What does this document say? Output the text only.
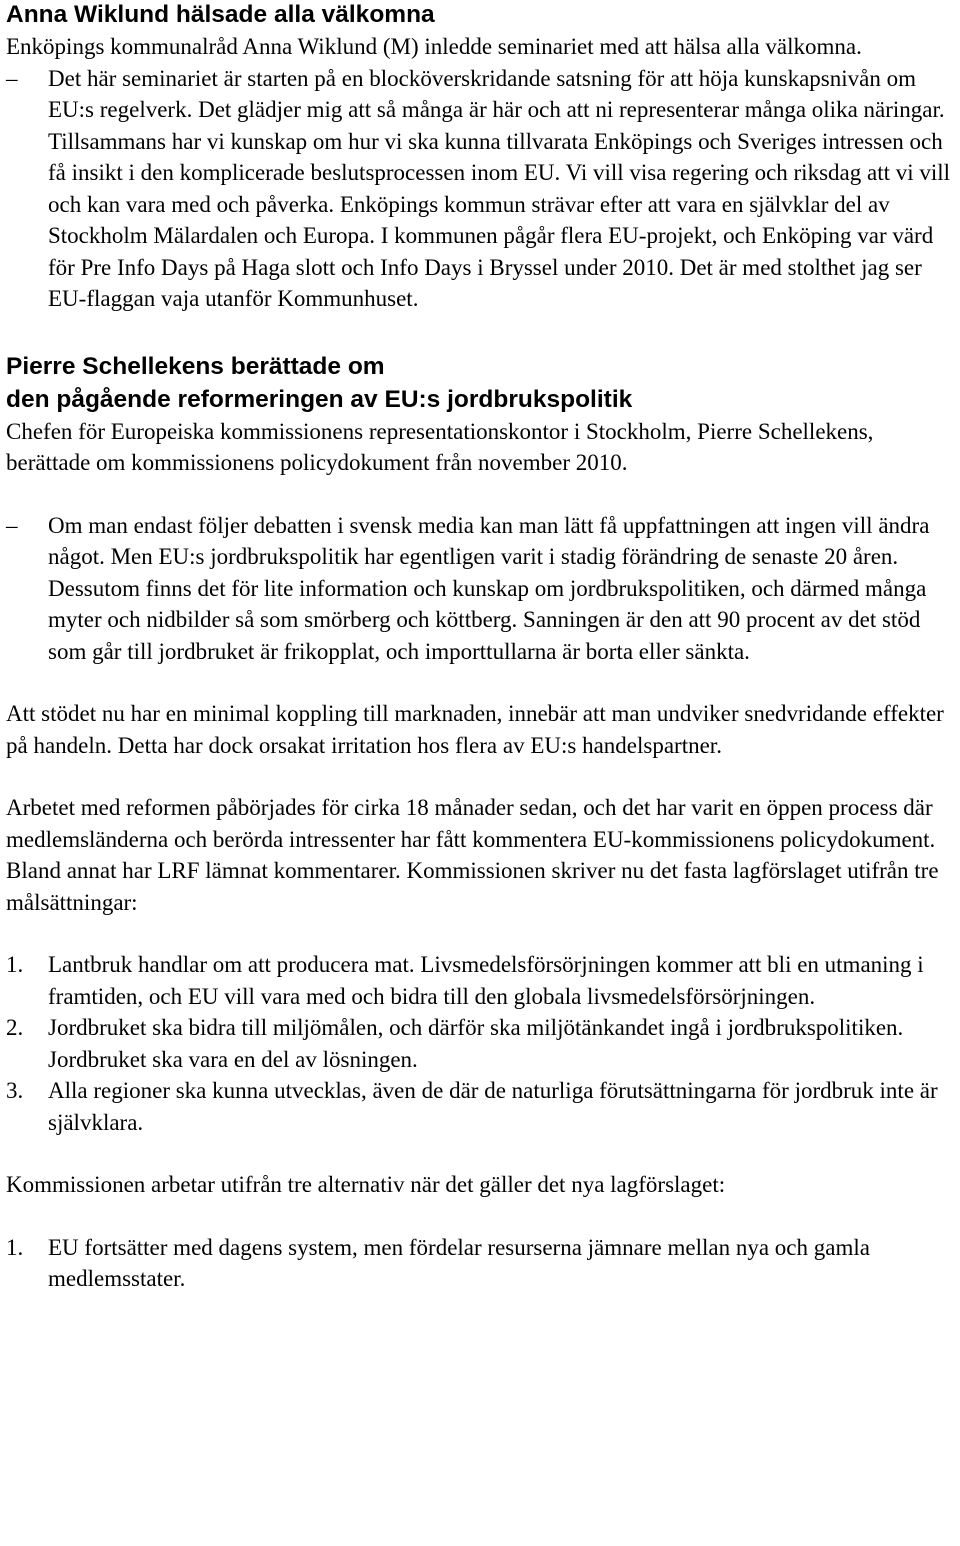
Anna Wiklund hälsade alla välkomna

Enköpings kommunalråd Anna Wiklund (M) inledde seminariet med att hälsa alla välkomna.

– Det här seminariet är starten på en blocköverskridande satsning för att höja kunskapsnivån om EU:s regelverk. Det glädjer mig att så många är här och att ni representerar många olika näringar. Tillsammans har vi kunskap om hur vi ska kunna tillvarata Enköpings och Sveriges intressen och få insikt i den komplicerade beslutsprocessen inom EU. Vi vill visa regering och riksdag att vi vill och kan vara med och påverka. Enköpings kommun strävar efter att vara en självklar del av Stockholm Mälardalen och Europa. I kommunen pågår flera EU-projekt, och Enköping var värd för Pre Info Days på Haga slott och Info Days i Bryssel under 2010. Det är med stolthet jag ser EU-flaggan vaja utanför Kommunhuset.
Pierre Schellekens berättade om
den pågående reformeringen av EU:s jordbrukspolitik

Chefen för Europeiska kommissionens representationskontor i Stockholm, Pierre Schellekens, berättade om kommissionens policydokument från november 2010.

– Om man endast följer debatten i svensk media kan man lätt få uppfattningen att ingen vill ändra något. Men EU:s jordbrukspolitik har egentligen varit i stadig förändring de senaste 20 åren. Dessutom finns det för lite information och kunskap om jordbrukspolitiken, och därmed många myter och nidbilder så som smörberg och köttberg. Sanningen är den att 90 procent av det stöd som går till jordbruket är frikopplat, och importtullarna är borta eller sänkta.

Att stödet nu har en minimal koppling till marknaden, innebär att man undviker snedvridande effekter på handeln. Detta har dock orsakat irritation hos flera av EU:s handelspartner.

Arbetet med reformen påbörjades för cirka 18 månader sedan, och det har varit en öppen process där medlemsländerna och berörda intressenter har fått kommentera EU-kommissionens policydokument. Bland annat har LRF lämnat kommentarer. Kommissionen skriver nu det fasta lagförslaget utifrån tre målsättningar:

1. Lantbruk handlar om att producera mat. Livsmedelsförsörjningen kommer att bli en utmaning i framtiden, och EU vill vara med och bidra till den globala livsmedelsförsörjningen.
2. Jordbruket ska bidra till miljömålen, och därför ska miljötänkandet ingå i jordbrukspolitiken. Jordbruket ska vara en del av lösningen.
3. Alla regioner ska kunna utvecklas, även de där de naturliga förutsättningarna för jordbruk inte är självklara.

Kommissionen arbetar utifrån tre alternativ när det gäller det nya lagförslaget:

1. EU fortsätter med dagens system, men fördelar resurserna jämnare mellan nya och gamla medlemsstater.
